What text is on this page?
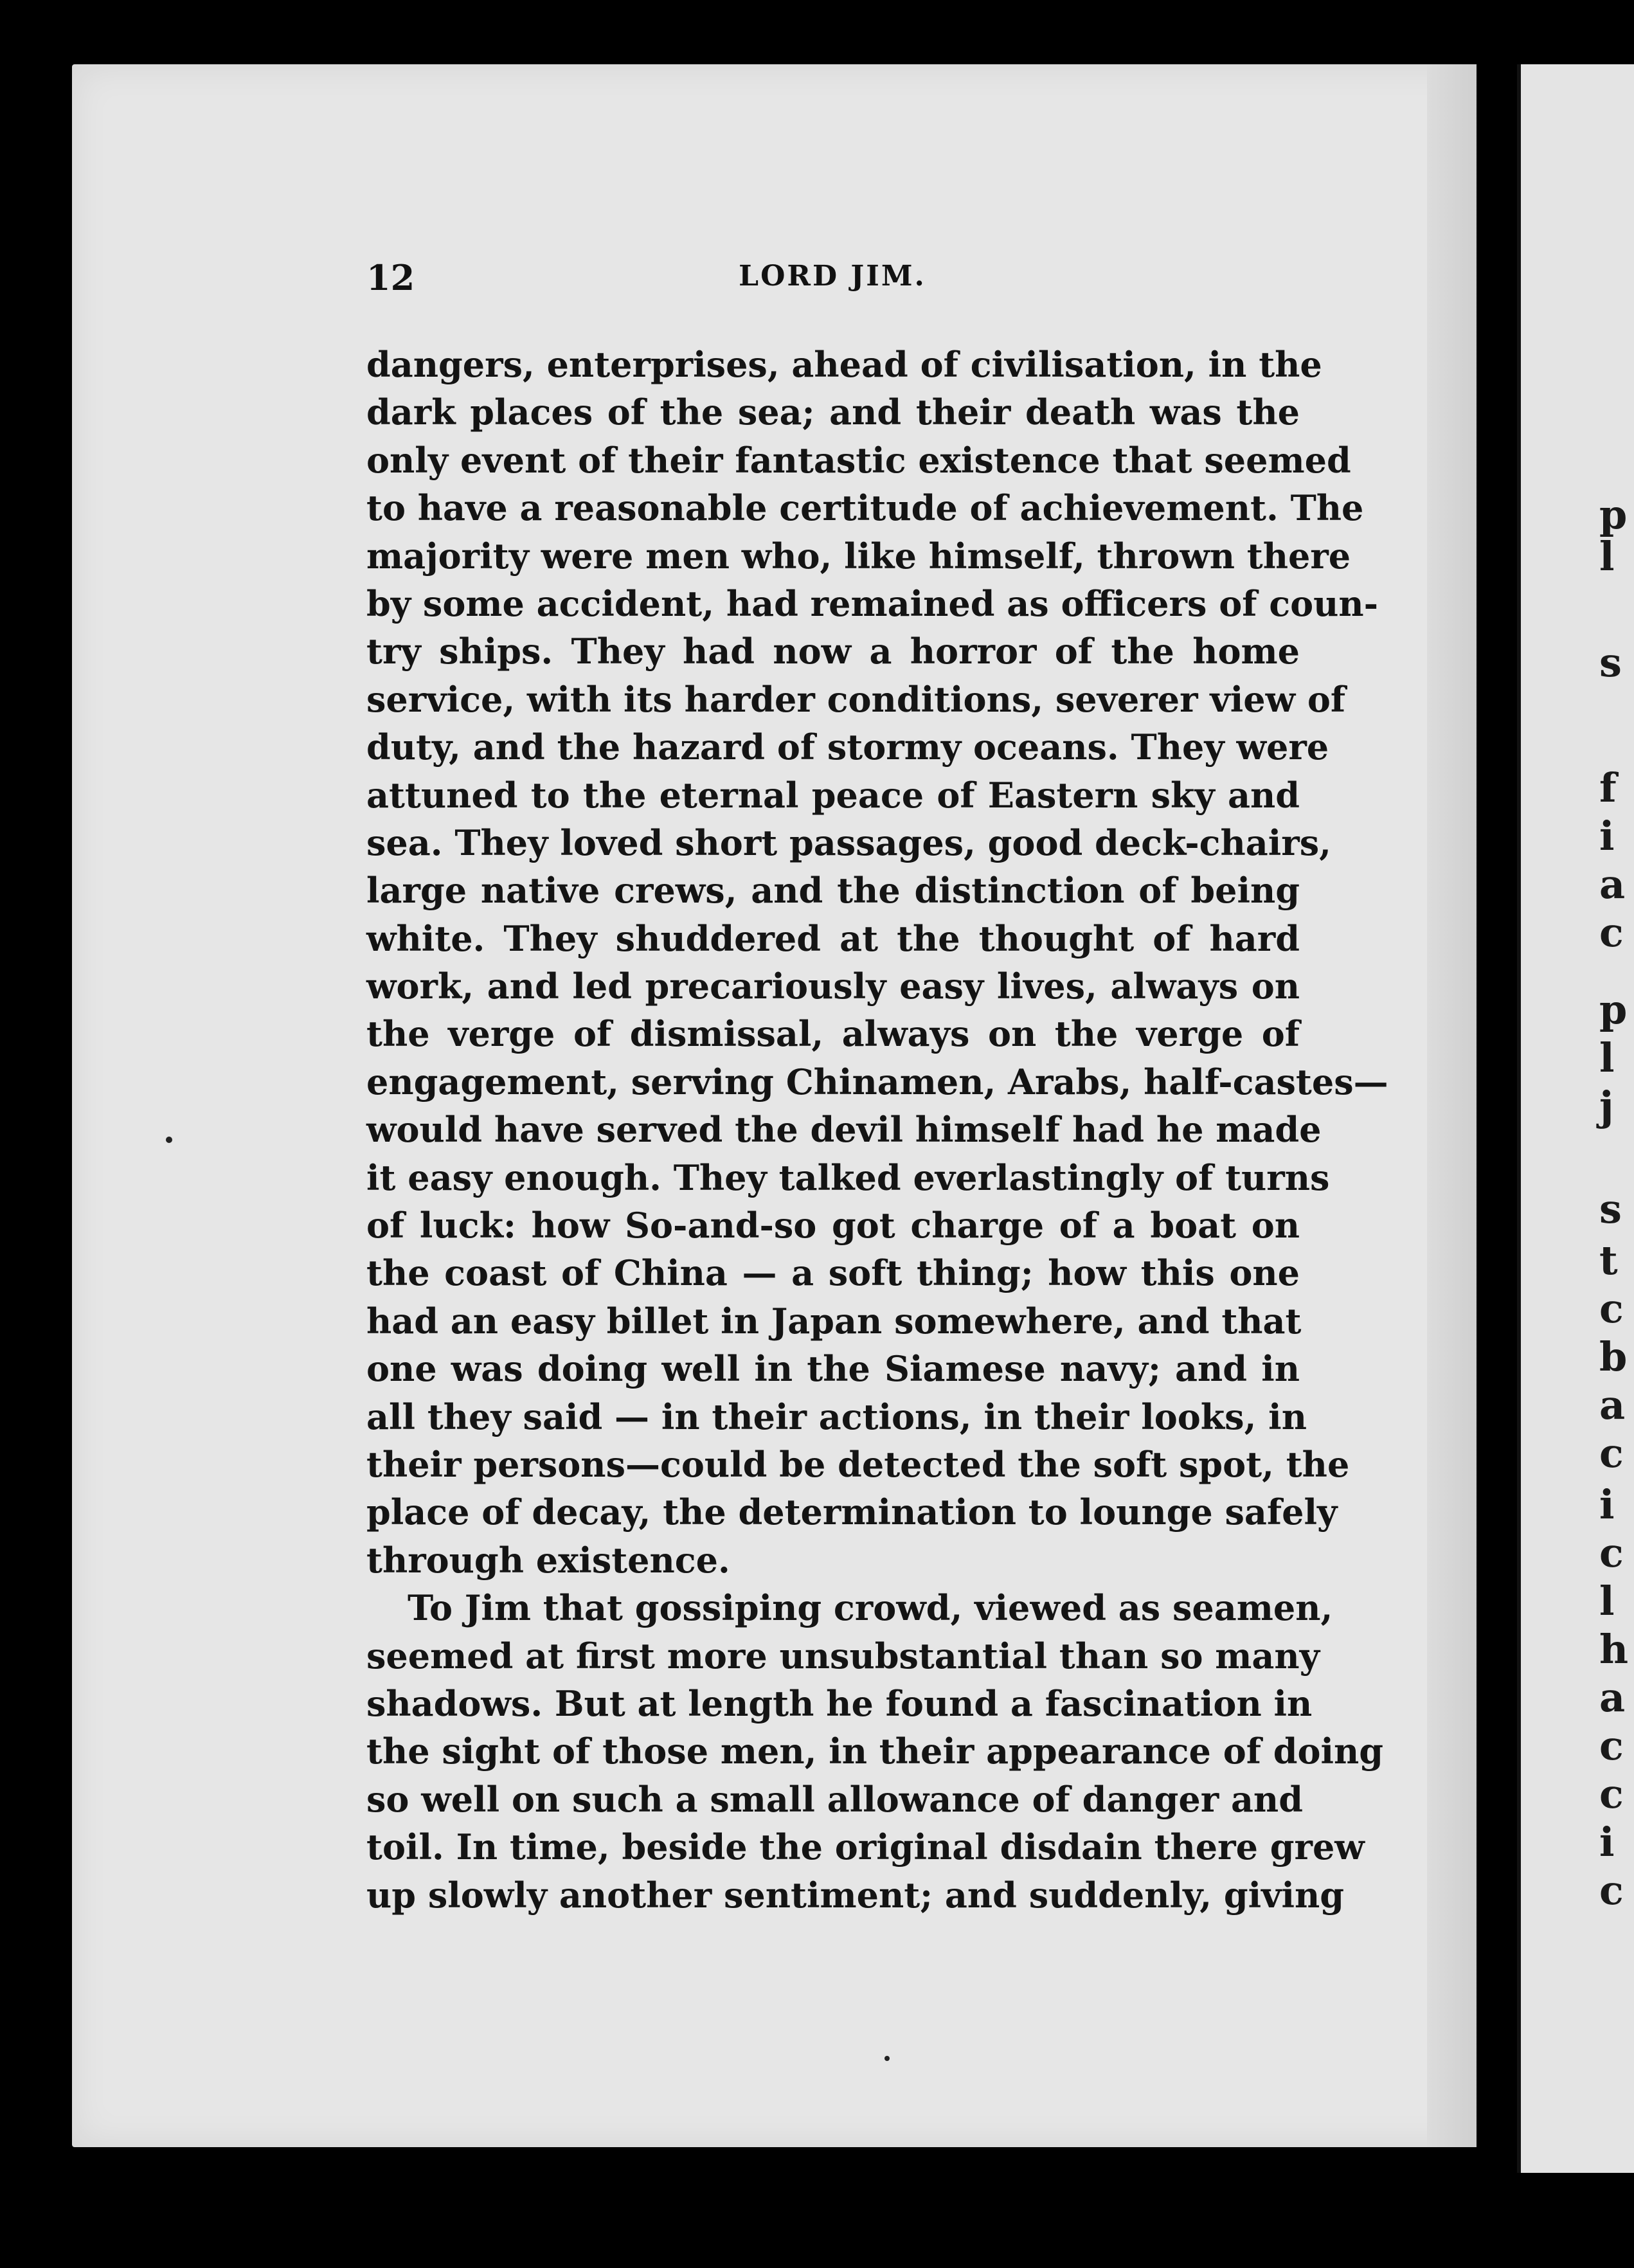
p
l
s
f
i
a
c
p
l
j
s
t
c
b
a
c
i
c
l
h
a
c
c
i
c
12	LORD JIM.
dangers, enterprises, ahead of civilisation, in the
dark places of the sea; and their death was the
only event of their fantastic existence that seemed
to have a reasonable certitude of achievement. The
majority were men who, like himself, thrown there
by some accident, had remained as officers of coun-
try ships. They had now a horror of the home
service, with its harder conditions, severer view of
duty, and the hazard of stormy oceans. They were
attuned to the eternal peace of Eastern sky and
sea. They loved short passages, good deck-chairs,
large native crews, and the distinction of being
white. They shuddered at the thought of hard
work, and led precariously easy lives, always on
the verge of dismissal, always on the verge of
engagement, serving Chinamen, Arabs, half-castes—
would have served the devil himself had he made
it easy enough. They talked everlastingly of turns
of luck: how So-and-so got charge of a boat on
the coast of China — a soft thing; how this one
had an easy billet in Japan somewhere, and that
one was doing well in the Siamese navy; and in
all they said — in their actions, in their looks, in
their persons—could be detected the soft spot, the
place of decay, the determination to lounge safely
through existence.
To Jim that gossiping crowd, viewed as seamen,
seemed at first more unsubstantial than so many
shadows. But at length he found a fascination in
the sight of those men, in their appearance of doing
so well on such a small allowance of danger and
toil. In time, beside the original disdain there grew
up slowly another sentiment; and suddenly, giving
